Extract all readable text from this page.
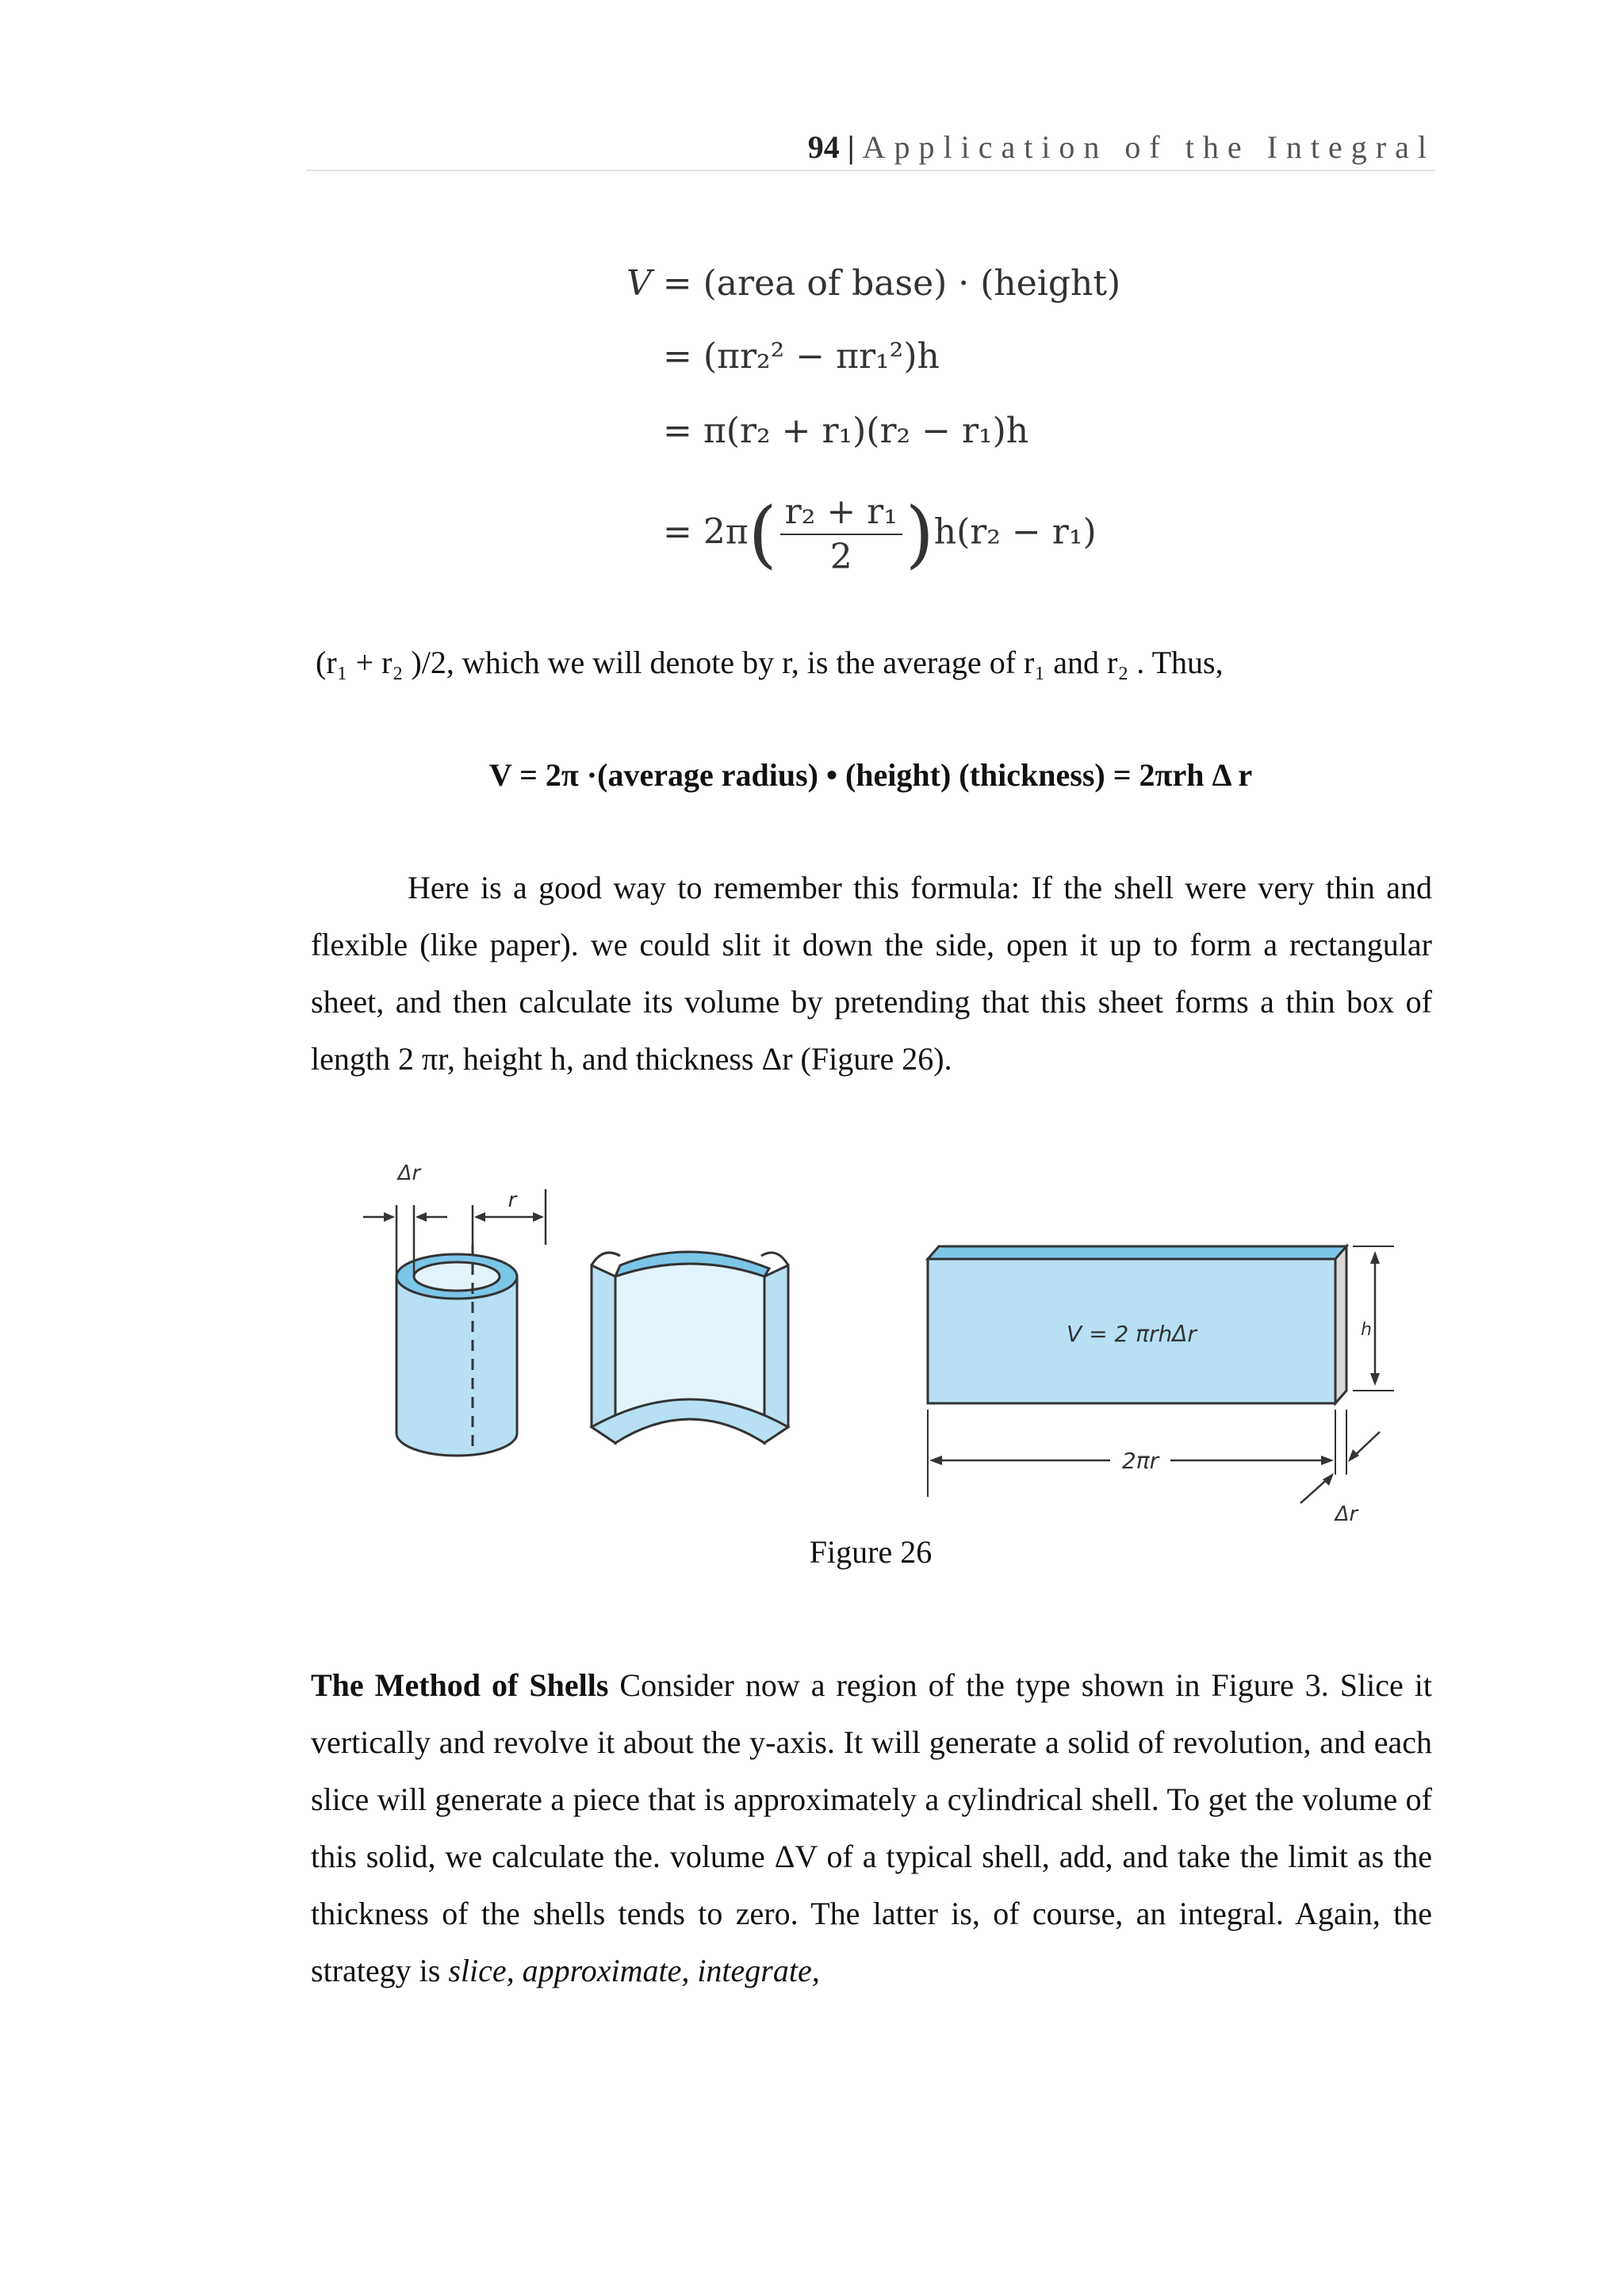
94 | Application of the Integral
V = (area of base) · (height)
= (πr₂² − πr₁²)h
= π(r₂ + r₁)(r₂ − r₁)h
= $2\pi( \frac{\text{r₂ + r₁}}{2} )h(r_2 - r_1)$
(r₁ + r₂ )/2, which we will denote by r, is the average of r₁ and r₂ . Thus,
V = 2π ·(average radius) • (height) (thickness) = 2πrh Δ r
Here is a good way to remember this formula: If the shell were very thin and flexible (like paper). we could slit it down the side, open it up to form a rectangular sheet, and then calculate its volume by pretending that this sheet forms a thin box of length 2 πr, height h, and thickness Δr (Figure 26).
Δr
r
V = 2 πrhΔr	h
2πr
Δr
Figure 26
The Method of Shells Consider now a region of the type shown in Figure 3. Slice it vertically and revolve it about the y-axis. It will generate a solid of revolution, and each slice will generate a piece that is approximately a cylindrical shell. To get the volume of this solid, we calculate the. volume ΔV of a typical shell, add, and take the limit as the thickness of the shells tends to zero. The latter is, of course, an integral. Again, the strategy is slice, approximate, integrate,
